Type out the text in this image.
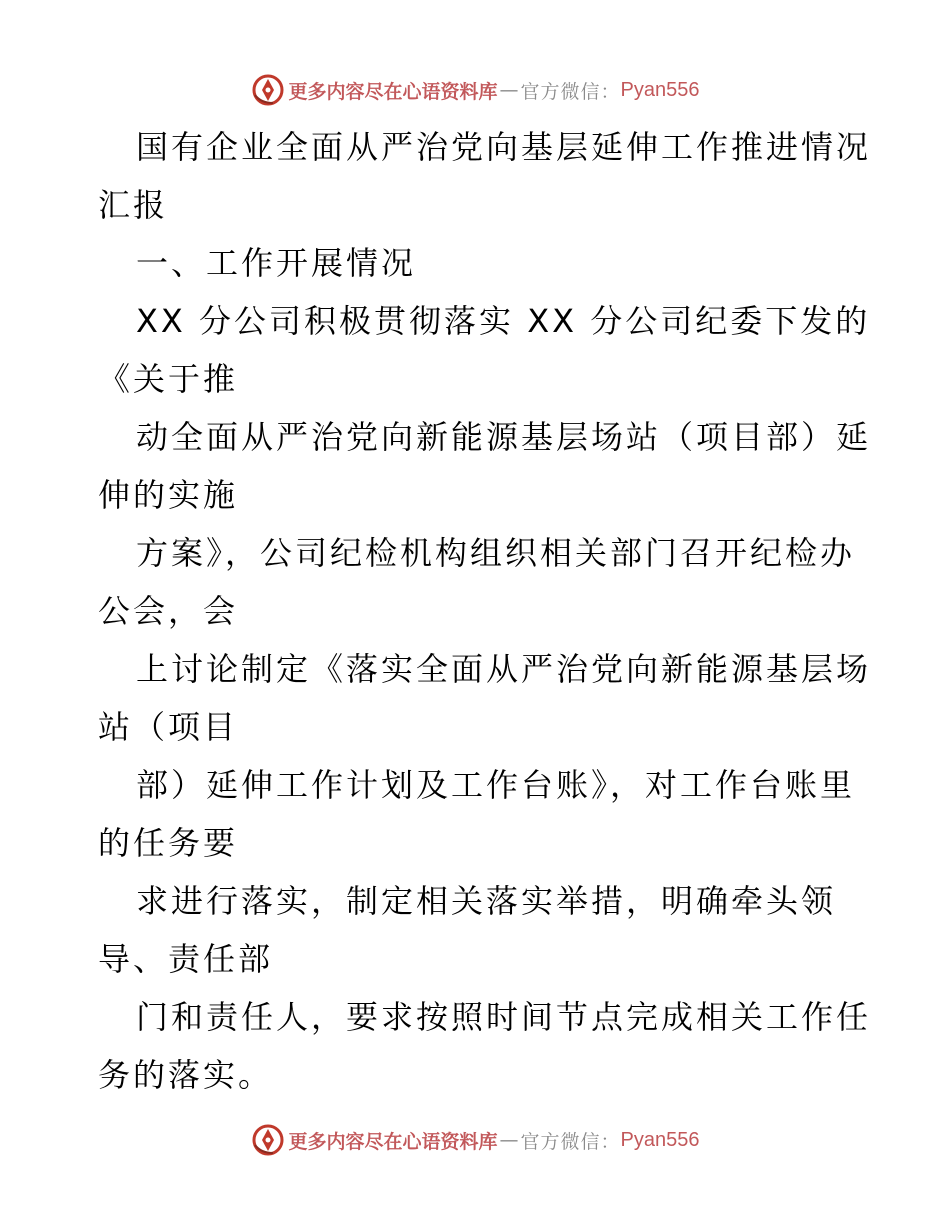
更多内容尽在心语资料库 — 官方微信： Pyan556
国有企业全面从严治党向基层延伸工作推进情况
汇报
一、工作开展情况
XX 分公司积极贯彻落实 XX 分公司纪委下发的
《关于推
动全面从严治党向新能源基层场站（项目部）延
伸的实施
方案》，公司纪检机构组织相关部门召开纪检办
公会，会
上讨论制定《落实全面从严治党向新能源基层场
站（项目
部）延伸工作计划及工作台账》，对工作台账里
的任务要
求进行落实，制定相关落实举措，明确牵头领
导、责任部
门和责任人，要求按照时间节点完成相关工作任
务的落实。
更多内容尽在心语资料库 — 官方微信： Pyan556
